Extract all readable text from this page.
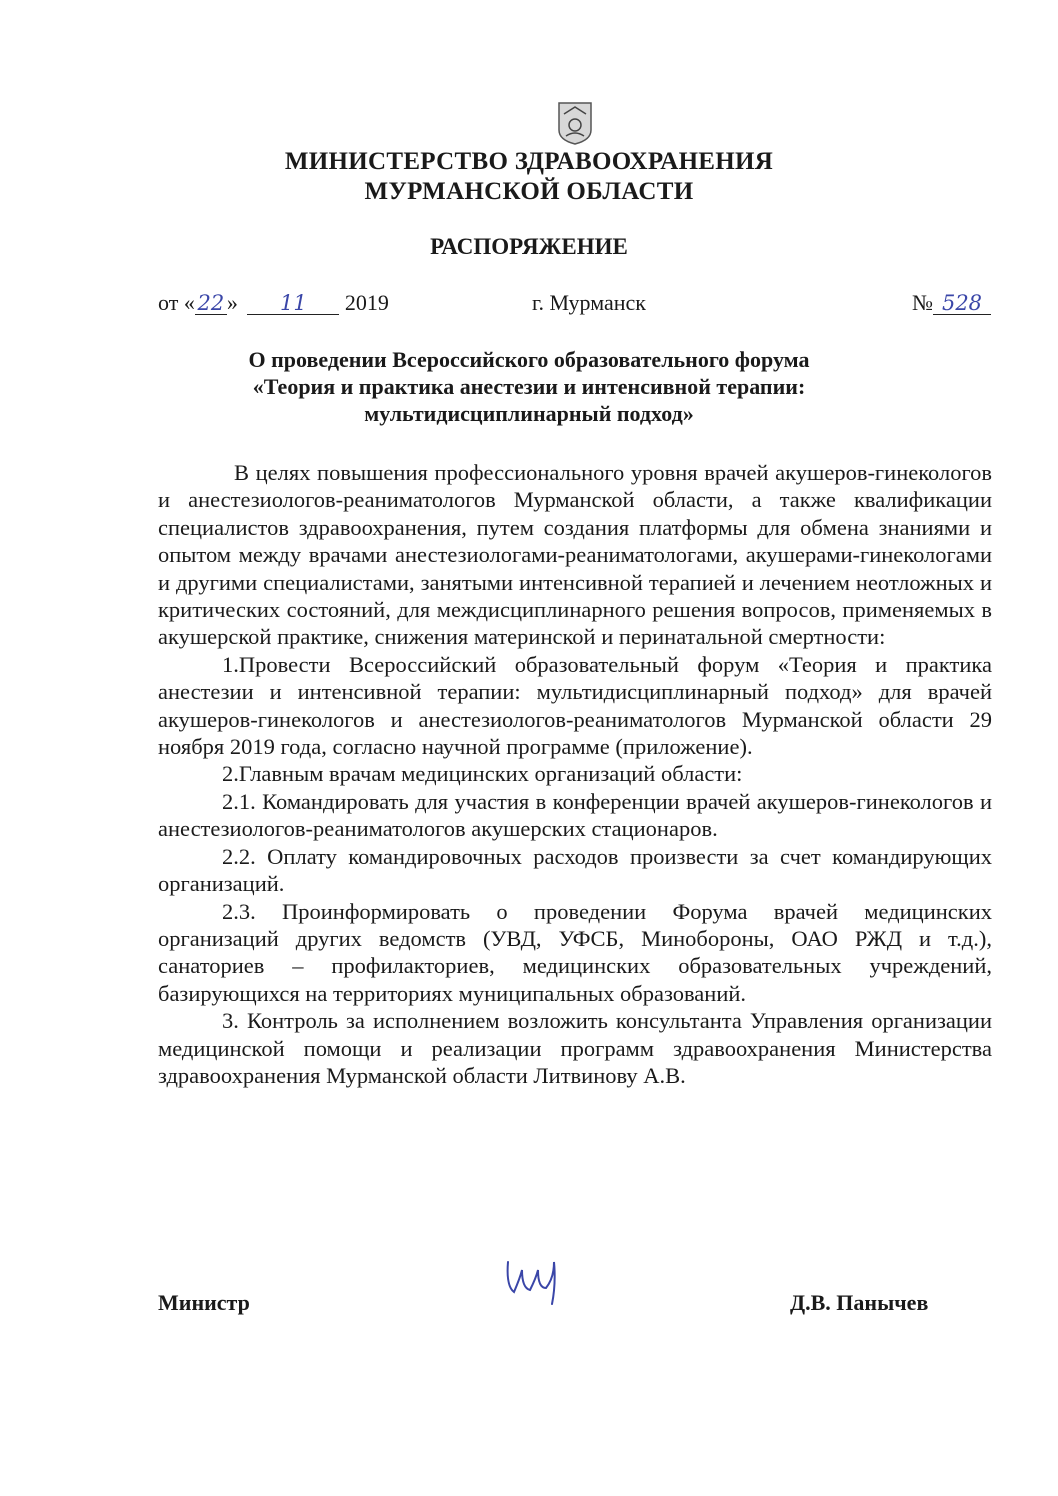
МИНИСТЕРСТВО ЗДРАВООХРАНЕНИЯ
МУРМАНСКОЙ ОБЛАСТИ
РАСПОРЯЖЕНИЕ
от « 22 » 11 2019	г. Мурманск	№ 528
О проведении Всероссийского образовательного форума
«Теория и практика анестезии и интенсивной терапии:
мультидисциплинарный подход»

В целях повышения профессионального уровня врачей акушеров-гинекологов и анестезиологов-реаниматологов Мурманской области, а также квалификации специалистов здравоохранения, путем создания платформы для обмена знаниями и опытом между врачами анестезиологами-реаниматологами, акушерами-гинекологами и другими специалистами, занятыми интенсивной терапией и лечением неотложных и критических состояний, для междисциплинарного решения вопросов, применяемых в акушерской практике, снижения материнской и перинатальной смертности:

1.Провести Всероссийский образовательный форум «Теория и практика анестезии и интенсивной терапии: мультидисциплинарный подход» для врачей акушеров-гинекологов и анестезиологов-реаниматологов Мурманской области 29 ноября 2019 года, согласно научной программе (приложение).

2.Главным врачам медицинских организаций области:

2.1. Командировать для участия в конференции врачей акушеров-гинекологов и анестезиологов-реаниматологов акушерских стационаров.

2.2. Оплату командировочных расходов произвести за счет командирующих организаций.

2.3. Проинформировать о проведении Форума врачей медицинских организаций других ведомств (УВД, УФСБ, Минобороны, ОАО РЖД и т.д.), санаториев – профилакториев, медицинских образовательных учреждений, базирующихся на территориях муниципальных образований.

3. Контроль за исполнением возложить консультанта Управления организации медицинской помощи и реализации программ здравоохранения Министерства здравоохранения Мурманской области Литвинову А.В.

Министр	Д.В. Панычев
